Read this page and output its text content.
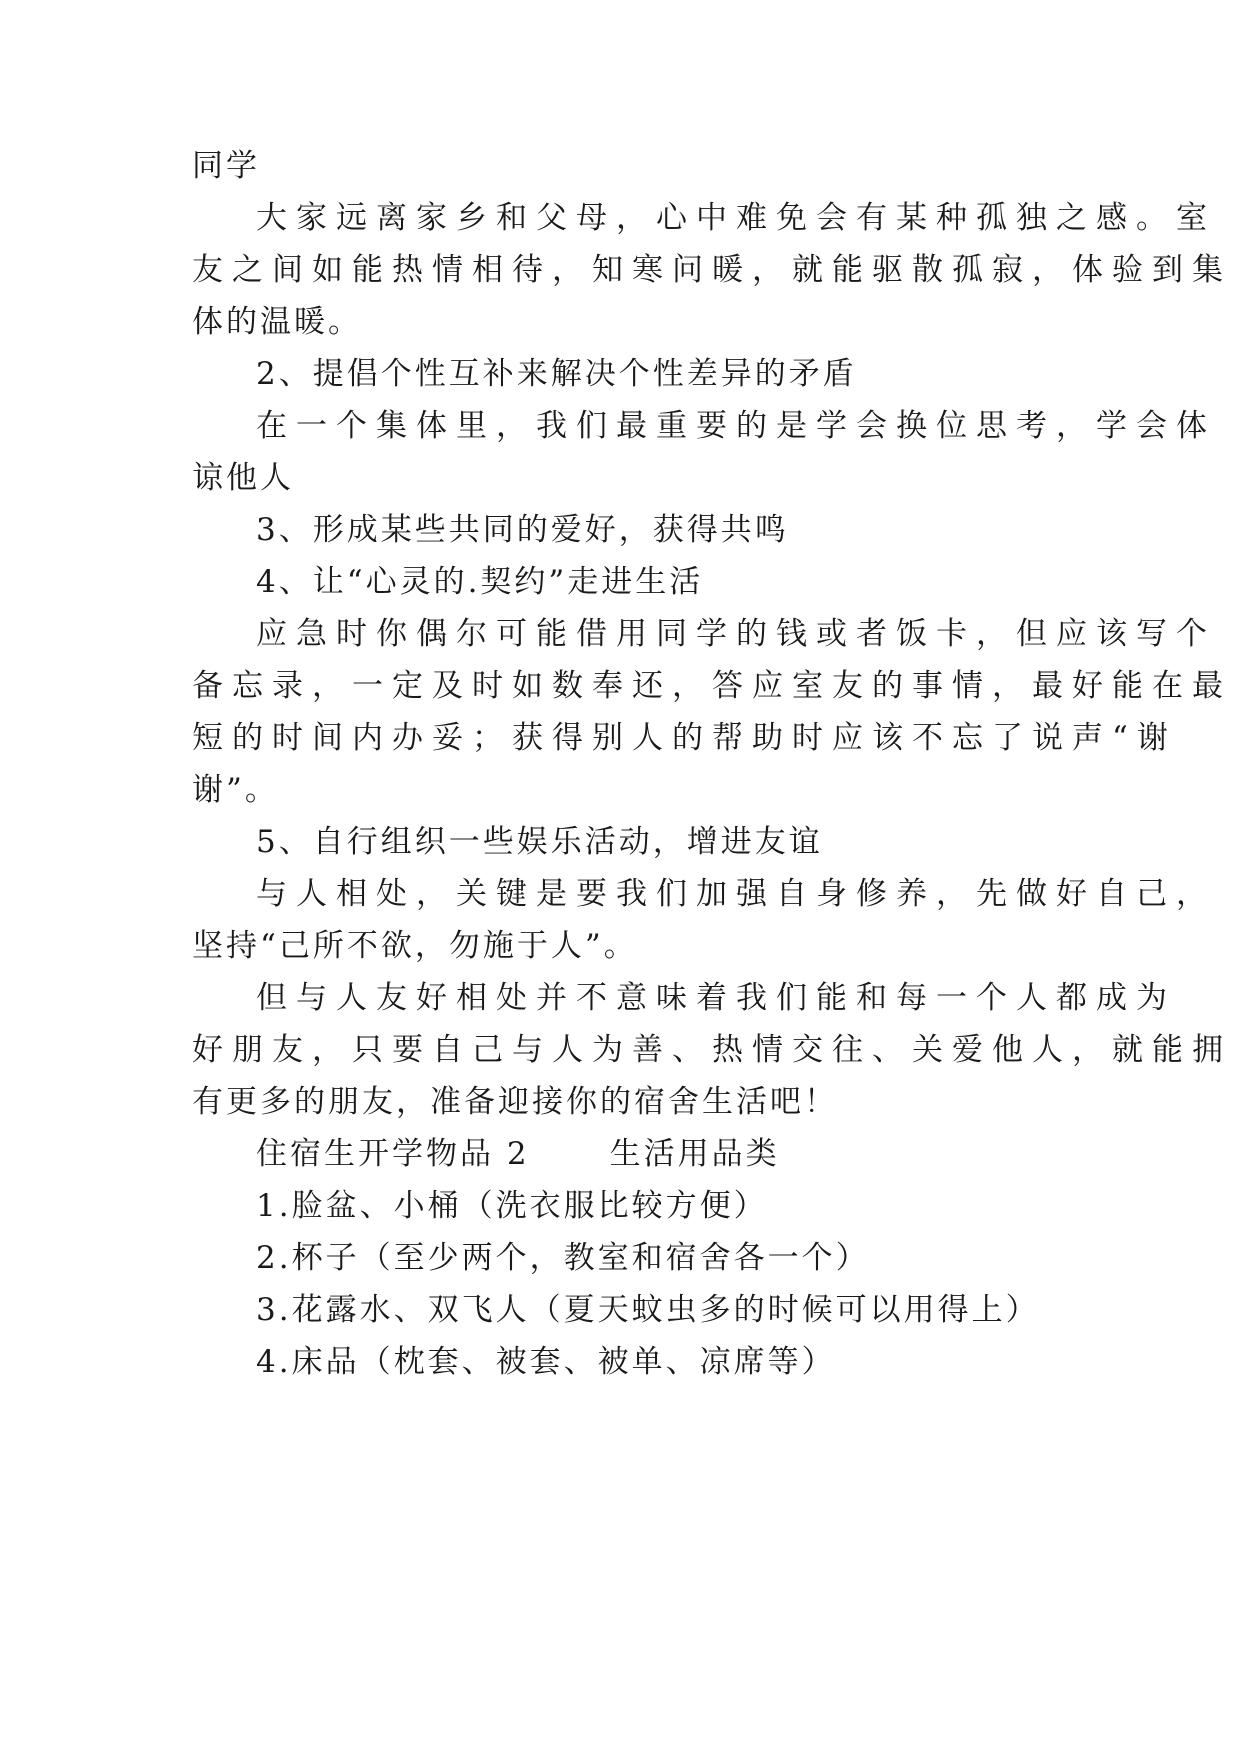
同学
大家远离家乡和父母，心中难免会有某种孤独之感。室
友之间如能热情相待，知寒问暖，就能驱散孤寂，体验到集
体的温暖。
2、提倡个性互补来解决个性差异的矛盾
在一个集体里，我们最重要的是学会换位思考，学会体
谅他人
3、形成某些共同的爱好，获得共鸣
4、让“心灵的.契约”走进生活
应急时你偶尔可能借用同学的钱或者饭卡，但应该写个
备忘录，一定及时如数奉还，答应室友的事情，最好能在最
短的时间内办妥；获得别人的帮助时应该不忘了说声“谢
谢”。
5、自行组织一些娱乐活动，增进友谊
与人相处，关键是要我们加强自身修养，先做好自己，
坚持“己所不欲，勿施于人”。
但与人友好相处并不意味着我们能和每一个人都成为
好朋友，只要自己与人为善、热情交往、关爱他人，就能拥
有更多的朋友，准备迎接你的宿舍生活吧！
住宿生开学物品 2	生活用品类
1.脸盆、小桶（洗衣服比较方便）
2.杯子（至少两个，教室和宿舍各一个）
3.花露水、双飞人（夏天蚊虫多的时候可以用得上）
4.床品（枕套、被套、被单、凉席等）
